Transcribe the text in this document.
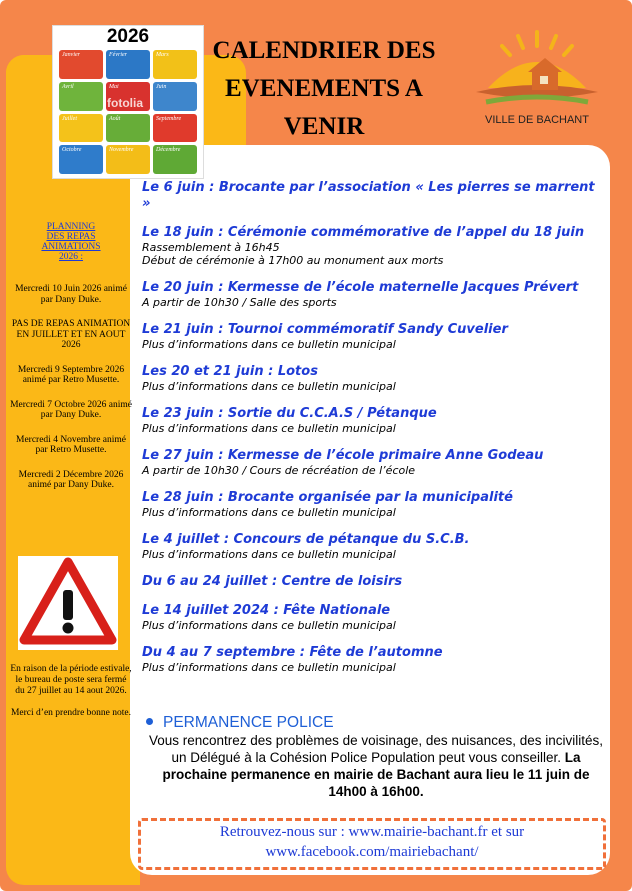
2026
Janvier	Février	Mars
Avril	Mai	Juin
Juillet	Août	Septembre
Octobre	Novembre	Décembre
fotolia
CALENDRIER DES
EVENEMENTS A
VENIR	VILLE DE BACHANT
PLANNING
DES REPAS
ANIMATIONS
2026 :
Mercredi 10 Juin 2026 animé par Dany Duke.
PAS DE REPAS ANIMATION EN JUILLET ET EN AOUT 2026
Mercredi 9 Septembre 2026 animé par Retro Musette.
Mercredi 7 Octobre 2026 animé par Dany Duke.
Mercredi 4 Novembre animé par Retro Musette.
Mercredi 2 Décembre 2026 animé par Dany Duke.

En raison de la période estivale, le bureau de poste sera fermé du 27 juillet au 14 aout 2026.

Merci d’en prendre bonne note.

Le 6 juin : Brocante par l’association « Les pierres se marrent »
Le 18 juin : Cérémonie commémorative de l’appel du 18 juin
Rassemblement à 16h45
Début de cérémonie à 17h00 au monument aux morts
Le 20 juin : Kermesse de l’école maternelle Jacques Prévert
A partir de 10h30 / Salle des sports
Le 21 juin : Tournoi commémoratif Sandy Cuvelier
Plus d’informations dans ce bulletin municipal
Les 20 et 21 juin : Lotos
Plus d’informations dans ce bulletin municipal
Le 23 juin : Sortie du C.C.A.S / Pétanque
Plus d’informations dans ce bulletin municipal
Le 27 juin : Kermesse de l’école primaire Anne Godeau
A partir de 10h30 / Cours de récréation de l’école
Le 28 juin : Brocante organisée par la municipalité
Plus d’informations dans ce bulletin municipal
Le 4 juillet : Concours de pétanque du S.C.B.
Plus d’informations dans ce bulletin municipal
Du 6 au 24 juillet : Centre de loisirs
Le 14 juillet 2024 : Fête Nationale
Plus d’informations dans ce bulletin municipal
Du 4 au 7 septembre : Fête de l’automne
Plus d’informations dans ce bulletin municipal
PERMANENCE POLICE
Vous rencontrez des problèmes de voisinage, des nuisances, des incivilités, un Délégué à la Cohésion Police Population peut vous conseiller. La prochaine permanence en mairie de Bachant aura lieu le 11 juin de 14h00 à 16h00.
Retrouvez-nous sur : www.mairie-bachant.fr et sur
www.facebook.com/mairiebachant/
